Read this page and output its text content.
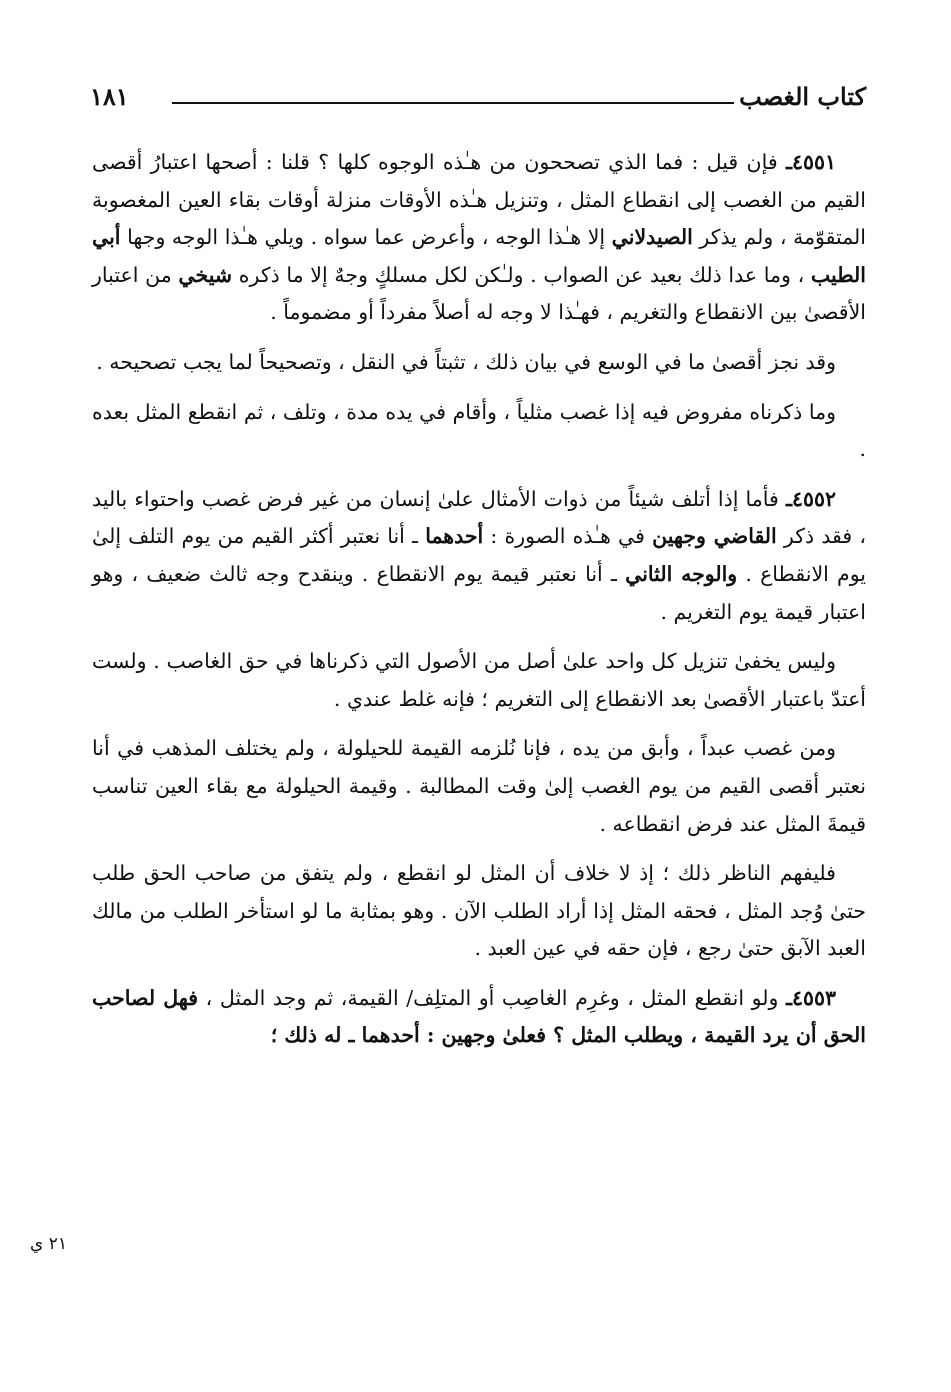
كتاب الغصب
١٨١
٢١ ي

٤٥٥١ـ فإن قيل : فما الذي تصححون من هـٰذه الوجوه كلها ؟ قلنا : أصحها اعتبارُ أقصى القيم من الغصب إلى انقطاع المثل ، وتنزيل هـٰذه الأوقات منزلة أوقات بقاء العين المغصوبة المتقوّمة ، ولم يذكر الصيدلاني إلا هـٰذا الوجه ، وأعرض عما سواه . ويلي هـٰذا الوجه وجها أبي الطيب ، وما عدا ذلك بعيد عن الصواب . ولـٰكن لكل مسلكٍ وجهٌ إلا ما ذكره شيخي من اعتبار الأقصىٰ بين الانقطاع والتغريم ، فهـٰذا لا وجه له أصلاً مفرداً أو مضموماً .

وقد نجز أقصىٰ ما في الوسع في بيان ذلك ، تثبتاً في النقل ، وتصحيحاً لما يجب تصحيحه .

وما ذكرناه مفروض فيه إذا غصب مثلياً ، وأقام في يده مدة ، وتلف ، ثم انقطع المثل بعده .

٤٥٥٢ـ فأما إذا أتلف شيئاً من ذوات الأمثال علىٰ إنسان من غير فرض غصب واحتواء باليد ، فقد ذكر القاضي وجهين في هـٰذه الصورة : أحدهما ـ أنا نعتبر أكثر القيم من يوم التلف إلىٰ يوم الانقطاع . والوجه الثاني ـ أنا نعتبر قيمة يوم الانقطاع . وينقدح وجه ثالث ضعيف ، وهو اعتبار قيمة يوم التغريم .

وليس يخفىٰ تنزيل كل واحد علىٰ أصل من الأصول التي ذكرناها في حق الغاصب . ولست أعتدّ باعتبار الأقصىٰ بعد الانقطاع إلى التغريم ؛ فإنه غلط عندي .

ومن غصب عبداً ، وأبق من يده ، فإنا نُلزمه القيمة للحيلولة ، ولم يختلف المذهب في أنا نعتبر أقصى القيم من يوم الغصب إلىٰ وقت المطالبة . وقيمة الحيلولة مع بقاء العين تناسب قيمةَ المثل عند فرض انقطاعه .

فليفهم الناظر ذلك ؛ إذ لا خلاف أن المثل لو انقطع ، ولم يتفق من صاحب الحق طلب حتىٰ وُجد المثل ، فحقه المثل إذا أراد الطلب الآن . وهو بمثابة ما لو استأخر الطلب من مالك العبد الآبق حتىٰ رجع ، فإن حقه في عين العبد .

٤٥٥٣ـ ولو انقطع المثل ، وغرِم الغاصِب أو المتلِف/ القيمة، ثم وجد المثل ، فهل لصاحب الحق أن يرد القيمة ، ويطلب المثل ؟ فعلىٰ وجهين : أحدهما ـ له ذلك ؛
